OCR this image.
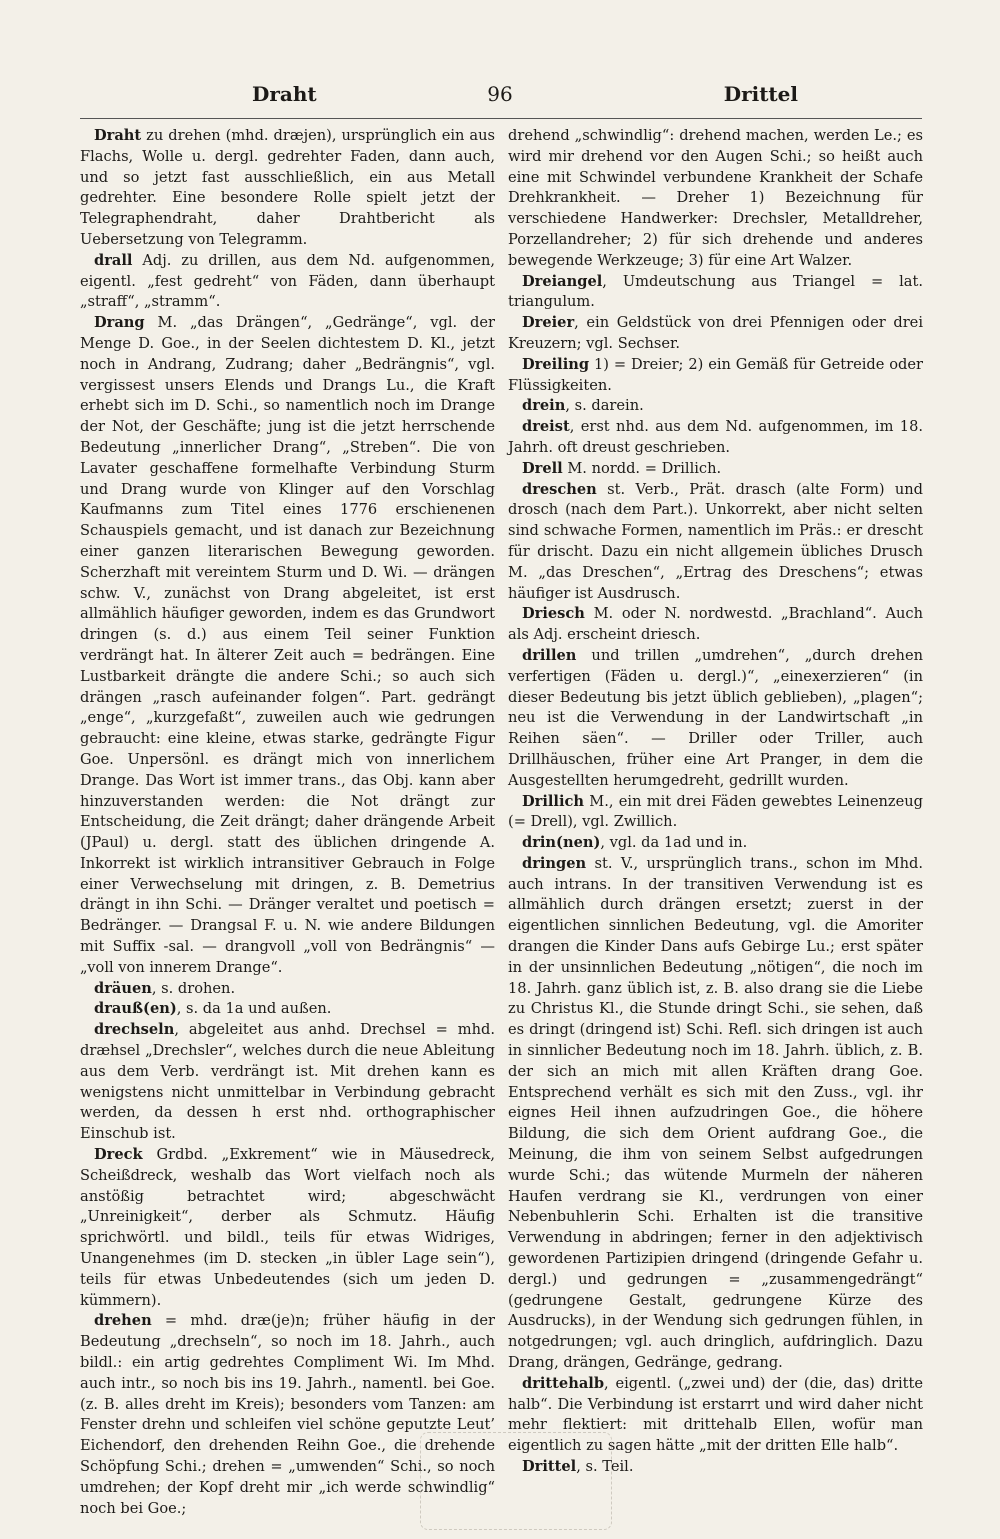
Draht	96	Drittel

Draht zu drehen (mhd. dræjen), ursprünglich ein aus Flachs, Wolle u. dergl. gedrehter Faden, dann auch, und so jetzt fast ausschließlich, ein aus Metall gedrehter. Eine besondere Rolle spielt jetzt der Telegraphendraht, daher Drahtbericht als Uebersetzung von Telegramm.

drall Adj. zu drillen, aus dem Nd. aufgenommen, eigentl. „fest gedreht“ von Fäden, dann überhaupt „straff“, „stramm“.

Drang M. „das Drängen“, „Gedränge“, vgl. der Menge D. Goe., in der Seelen dichtestem D. Kl., jetzt noch in Andrang, Zudrang; daher „Bedrängnis“, vgl. vergissest unsers Elends und Drangs Lu., die Kraft erhebt sich im D. Schi., so namentlich noch im Drange der Not, der Geschäfte; jung ist die jetzt herrschende Bedeutung „innerlicher Drang“, „Streben“. Die von Lavater geschaffene formelhafte Verbindung Sturm und Drang wurde von Klinger auf den Vorschlag Kaufmanns zum Titel eines 1776 erschienenen Schauspiels gemacht, und ist danach zur Bezeichnung einer ganzen literarischen Bewegung geworden. Scherzhaft mit vereintem Sturm und D. Wi. — drängen schw. V., zunächst von Drang abgeleitet, ist erst allmählich häufiger geworden, indem es das Grundwort dringen (s. d.) aus einem Teil seiner Funktion verdrängt hat. In älterer Zeit auch = bedrängen. Eine Lustbarkeit drängte die andere Schi.; so auch sich drängen „rasch aufeinander folgen“. Part. gedrängt „enge“, „kurzgefaßt“, zuweilen auch wie gedrungen gebraucht: eine kleine, etwas starke, gedrängte Figur Goe. Unpersönl. es drängt mich von innerlichem Drange. Das Wort ist immer trans., das Obj. kann aber hinzuverstanden werden: die Not drängt zur Entscheidung, die Zeit drängt; daher drängende Arbeit (JPaul) u. dergl. statt des üblichen dringende A. Inkorrekt ist wirklich intransitiver Gebrauch in Folge einer Verwechselung mit dringen, z. B. Demetrius drängt in ihn Schi. — Dränger veraltet und poetisch = Bedränger. — Drangsal F. u. N. wie andere Bildungen mit Suffix -sal. — drangvoll „voll von Bedrängnis“ — „voll von innerem Drange“.

dräuen, s. drohen.

drauß(en), s. da 1a und außen.

drechseln, abgeleitet aus anhd. Drechsel = mhd. dræhsel „Drechsler“, welches durch die neue Ableitung aus dem Verb. verdrängt ist. Mit drehen kann es wenigstens nicht unmittelbar in Verbindung gebracht werden, da dessen h erst nhd. orthographischer Einschub ist.

Dreck Grdbd. „Exkrement“ wie in Mäusedreck, Scheißdreck, weshalb das Wort vielfach noch als anstößig betrachtet wird; abgeschwächt „Unreinigkeit“, derber als Schmutz. Häufig sprichwörtl. und bildl., teils für etwas Widriges, Unangenehmes (im D. stecken „in übler Lage sein“), teils für etwas Unbedeutendes (sich um jeden D. kümmern).

drehen = mhd. dræ(je)n; früher häufig in der Bedeutung „drechseln“, so noch im 18. Jahrh., auch bildl.: ein artig gedrehtes Compliment Wi. Im Mhd. auch intr., so noch bis ins 19. Jahrh., namentl. bei Goe. (z. B. alles dreht im Kreis); besonders vom Tanzen: am Fenster drehn und schleifen viel schöne geputzte Leut’ Eichendorf, den drehenden Reihn Goe., die drehende Schöpfung Schi.; drehen = „umwenden“ Schi., so noch umdrehen; der Kopf dreht mir „ich werde schwindlig“ noch bei Goe.;

drehend „schwindlig“: drehend machen, werden Le.; es wird mir drehend vor den Augen Schi.; so heißt auch eine mit Schwindel verbundene Krankheit der Schafe Drehkrankheit. — Dreher 1) Bezeichnung für verschiedene Handwerker: Drechsler, Metalldreher, Porzellandreher; 2) für sich drehende und anderes bewegende Werkzeuge; 3) für eine Art Walzer.

Dreiangel, Umdeutschung aus Triangel = lat. triangulum.

Dreier, ein Geldstück von drei Pfennigen oder drei Kreuzern; vgl. Sechser.

Dreiling 1) = Dreier; 2) ein Gemäß für Getreide oder Flüssigkeiten.

drein, s. darein.

dreist, erst nhd. aus dem Nd. aufgenommen, im 18. Jahrh. oft dreust geschrieben.

Drell M. nordd. = Drillich.

dreschen st. Verb., Prät. drasch (alte Form) und drosch (nach dem Part.). Unkorrekt, aber nicht selten sind schwache Formen, namentlich im Präs.: er drescht für drischt. Dazu ein nicht allgemein übliches Drusch M. „das Dreschen“, „Ertrag des Dreschens“; etwas häufiger ist Ausdrusch.

Driesch M. oder N. nordwestd. „Brachland“. Auch als Adj. erscheint driesch.

drillen und trillen „umdrehen“, „durch drehen verfertigen (Fäden u. dergl.)“, „einexerzieren“ (in dieser Bedeutung bis jetzt üblich geblieben), „plagen“; neu ist die Verwendung in der Landwirtschaft „in Reihen säen“. — Driller oder Triller, auch Drillhäuschen, früher eine Art Pranger, in dem die Ausgestellten herumgedreht, gedrillt wurden.

Drillich M., ein mit drei Fäden gewebtes Leinenzeug (= Drell), vgl. Zwillich.

drin(nen), vgl. da 1ad und in.

dringen st. V., ursprünglich trans., schon im Mhd. auch intrans. In der transitiven Verwendung ist es allmählich durch drängen ersetzt; zuerst in der eigentlichen sinnlichen Bedeutung, vgl. die Amoriter drangen die Kinder Dans aufs Gebirge Lu.; erst später in der unsinnlichen Bedeutung „nötigen“, die noch im 18. Jahrh. ganz üblich ist, z. B. also drang sie die Liebe zu Christus Kl., die Stunde dringt Schi., sie sehen, daß es dringt (dringend ist) Schi. Refl. sich dringen ist auch in sinnlicher Bedeutung noch im 18. Jahrh. üblich, z. B. der sich an mich mit allen Kräften drang Goe. Entsprechend verhält es sich mit den Zuss., vgl. ihr eignes Heil ihnen aufzudringen Goe., die höhere Bildung, die sich dem Orient aufdrang Goe., die Meinung, die ihm von seinem Selbst aufgedrungen wurde Schi.; das wütende Murmeln der näheren Haufen verdrang sie Kl., verdrungen von einer Nebenbuhlerin Schi. Erhalten ist die transitive Verwendung in abdringen; ferner in den adjektivisch gewordenen Partizipien dringend (dringende Gefahr u. dergl.) und gedrungen = „zusammengedrängt“ (gedrungene Gestalt, gedrungene Kürze des Ausdrucks), in der Wendung sich gedrungen fühlen, in notgedrungen; vgl. auch dringlich, aufdringlich. Dazu Drang, drängen, Gedränge, gedrang.

drittehalb, eigentl. („zwei und) der (die, das) dritte halb“. Die Verbindung ist erstarrt und wird daher nicht mehr flektiert: mit drittehalb Ellen, wofür man eigentlich zu sagen hätte „mit der dritten Elle halb“.

Drittel, s. Teil.
